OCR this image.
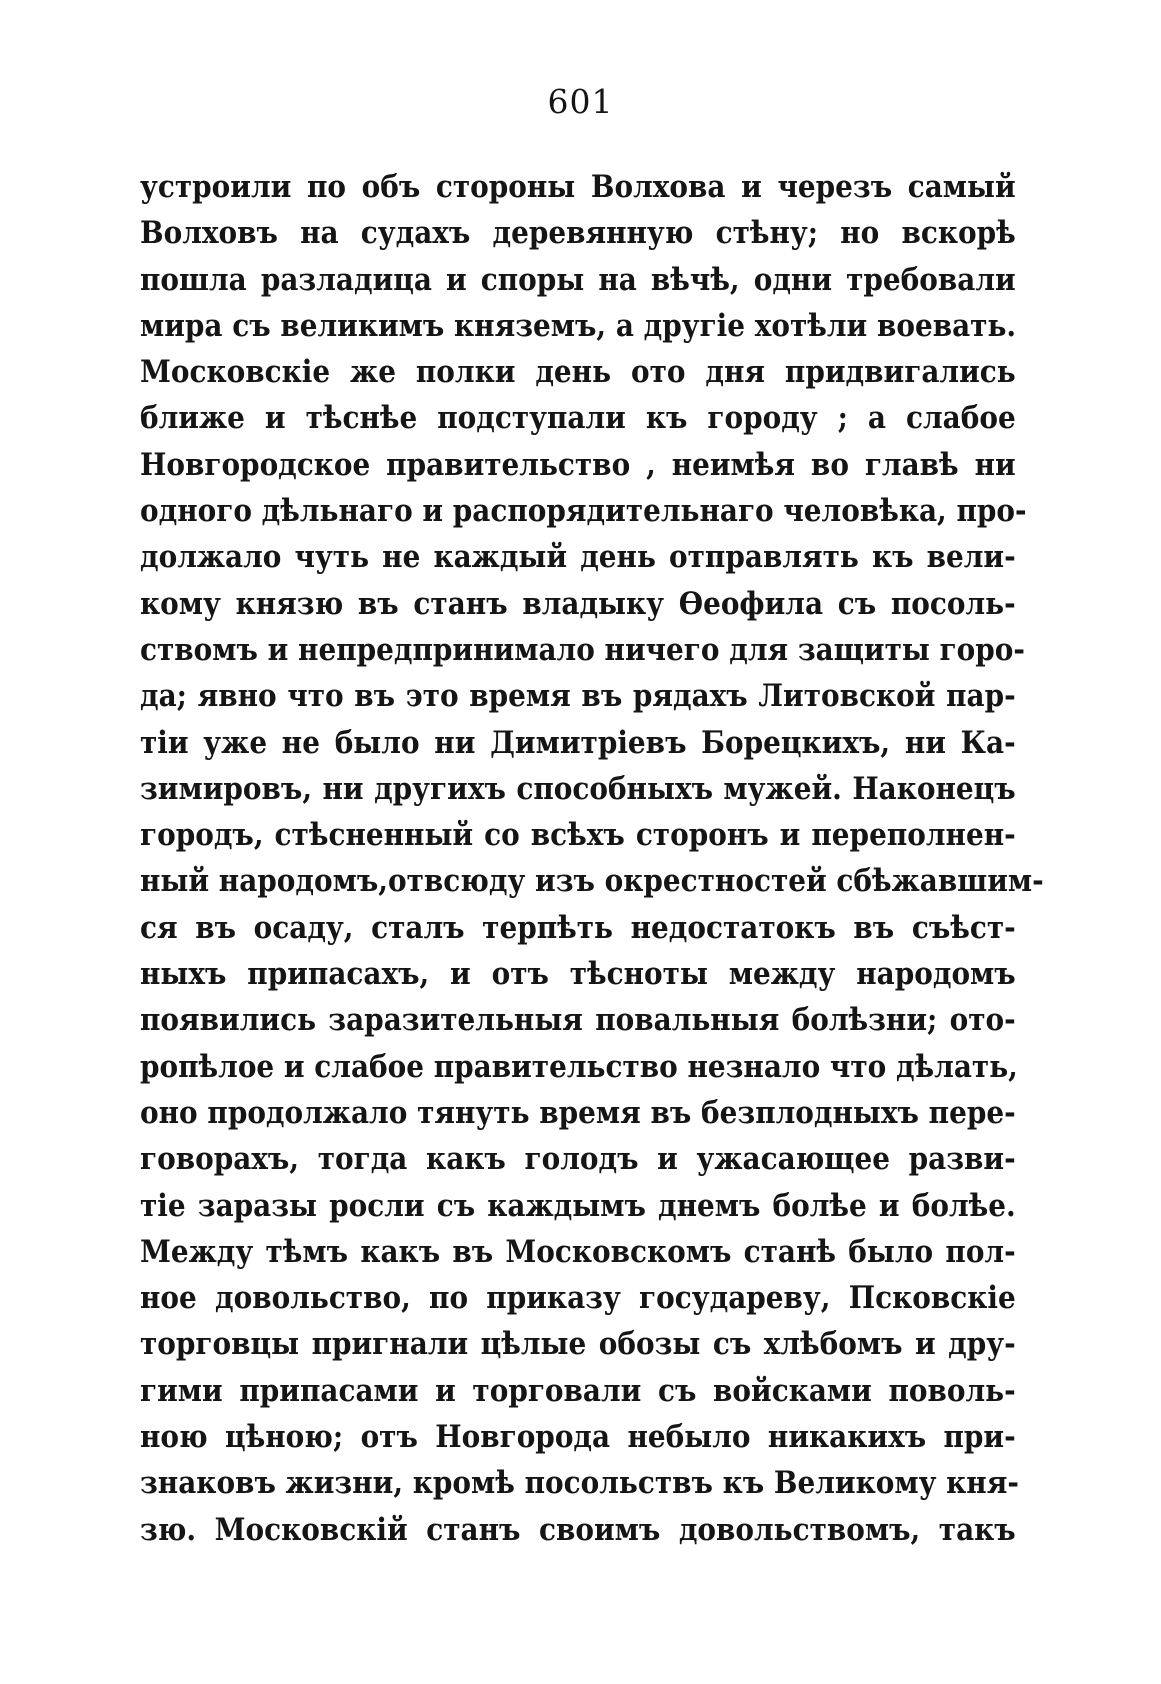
601
устроили по объ стороны Волхова и черезъ самый
Волховъ на судахъ деревянную стѣну; но вскорѣ
пошла разладица и споры на вѣчѣ, одни требовали
мира съ великимъ княземъ, а другіе хотѣли воевать.
Московскіе же полки день ото дня придвигались
ближе и тѣснѣе подступали къ городу ; а слабое
Новгородское правительство , неимѣя во главѣ ни
одного дѣльнаго и распорядительнаго человѣка, про-
должало чуть не каждый день отправлять къ вели-
кому князю въ станъ владыку Ѳеофила съ посоль-
ствомъ и непредпринимало ничего для защиты горо-
да; явно что въ это время въ рядахъ Литовской пар-
тіи уже не было ни Димитріевъ Борецкихъ, ни Ка-
зимировъ, ни другихъ способныхъ мужей. Наконецъ
городъ, стѣсненный со всѣхъ сторонъ и переполнен-
ный народомъ,отвсюду изъ окрестностей сбѣжавшим-
ся въ осаду, сталъ терпѣть недостатокъ въ съѣст-
ныхъ припасахъ, и отъ тѣсноты между народомъ
появились заразительныя повальныя болѣзни; ото-
ропѣлое и слабое правительство незнало что дѣлать,
оно продолжало тянуть время въ безплодныхъ пере-
говорахъ, тогда какъ голодъ и ужасающее разви-
тіе заразы росли съ каждымъ днемъ болѣе и болѣе.
Между тѣмъ какъ въ Московскомъ станѣ было пол-
ное довольство, по приказу государеву, Псковскіе
торговцы пригнали цѣлые обозы съ хлѣбомъ и дру-
гими припасами и торговали съ войсками поволь-
ною цѣною; отъ Новгорода небыло никакихъ при-
знаковъ жизни, кромѣ посольствъ къ Великому кня-
зю. Московскій станъ своимъ довольствомъ, такъ
